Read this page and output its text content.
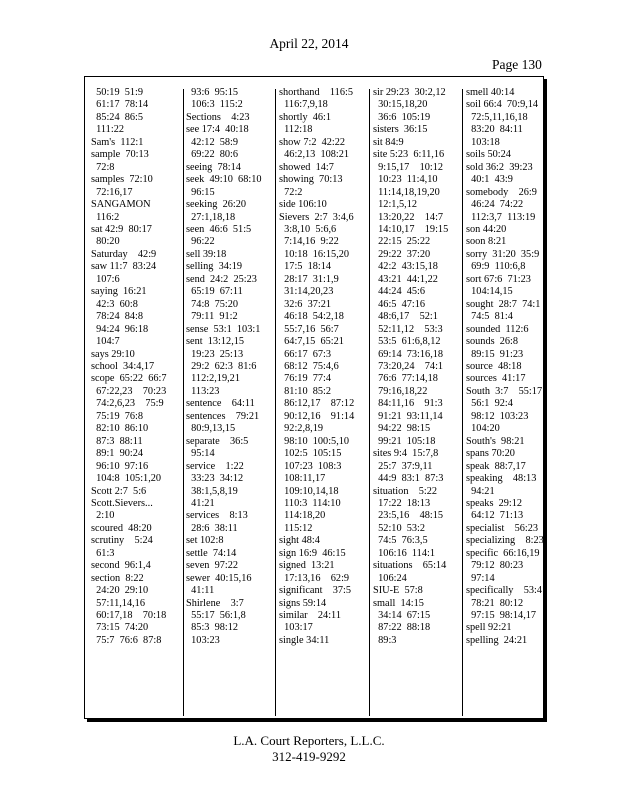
April 22, 2014
Page 130
50:19  51:9
61:17  78:14
85:24  86:5
111:22
Sam's  112:1
sample  70:13
72:8
samples  72:10
72:16,17
SANGAMON
116:2
sat 42:9  80:17
80:20
Saturday    42:9
saw 11:7  83:24
107:6
saying  16:21
42:3  60:8
78:24  84:8
94:24  96:18
104:7
says 29:10
school  34:4,17
scope  65:22  66:7
67:22,23    70:23
74:2,6,23    75:9
75:19  76:8
82:10  86:10
87:3  88:11
89:1  90:24
96:10  97:16
104:8  105:1,20
Scott 2:7  5:6
Scott.Sievers...
2:10
scoured  48:20
scrutiny    5:24
61:3
second  96:1,4
section  8:22
24:20  29:10
57:11,14,16
60:17,18    70:18
73:15  74:20
75:7  76:6  87:8
93:6  95:15
106:3  115:2
Sections    4:23
see 17:4  40:18
42:12  58:9
69:22  80:6
seeing  78:14
seek  49:10  68:10
96:15
seeking  26:20
27:1,18,18
seen  46:6  51:5
96:22
sell 39:18
selling  34:19
send  24:2  25:23
65:19  67:11
74:8  75:20
79:11  91:2
sense  53:1  103:1
sent  13:12,15
19:23  25:13
29:2  62:3  81:6
112:2,19,21
113:23
sentence    64:11
sentences    79:21
80:9,13,15
separate    36:5
95:14
service    1:22
33:23  34:12
38:1,5,8,19
41:21
services    8:13
28:6  38:11
set 102:8
settle  74:14
seven  97:22
sewer  40:15,16
41:11
Shirlene    3:7
55:17  56:1,8
85:3  98:12
103:23
shorthand    116:5
116:7,9,18
shortly  46:1
112:18
show 7:2  42:22
46:2,13  108:21
showed  14:7
showing  70:13
72:2
side 106:10
Sievers  2:7  3:4,6
3:8,10  5:6,6
7:14,16  9:22
10:18  16:15,20
17:5  18:14
28:17  31:1,9
31:14,20,23
32:6  37:21
46:18  54:2,18
55:7,16  56:7
64:7,15  65:21
66:17  67:3
68:12  75:4,6
76:19  77:4
81:10  85:2
86:12,17    87:12
90:12,16    91:14
92:2,8,19
98:10  100:5,10
102:5  105:15
107:23  108:3
108:11,17
109:10,14,18
110:3  114:10
114:18,20
115:12
sight 48:4
sign 16:9  46:15
signed  13:21
17:13,16    62:9
significant    37:5
signs 59:14
similar    24:11
103:17
single 34:11
sir 29:23  30:2,12
30:15,18,20
36:6  105:19
sisters  36:15
sit 84:9
site 5:23  6:11,16
9:15,17    10:12
10:23  11:4,10
11:14,18,19,20
12:1,5,12
13:20,22    14:7
14:10,17    19:15
22:15  25:22
29:22  37:20
42:2  43:15,18
43:21  44:1,22
44:24  45:6
46:5  47:16
48:6,17    52:1
52:11,12    53:3
53:5  61:6,8,12
69:14  73:16,18
73:20,24    74:1
76:6  77:14,18
79:16,18,22
84:11,16    91:3
91:21  93:11,14
94:22  98:15
99:21  105:18
sites 9:4  15:7,8
25:7  37:9,11
44:9  83:1  87:3
situation    5:22
17:22  18:13
23:5,16    48:15
52:10  53:2
74:5  76:3,5
106:16  114:1
situations    65:14
106:24
SIU-E  57:8
small  14:15
34:14  67:15
87:22  88:18
89:3
smell 40:14
soil 66:4  70:9,14
72:5,11,16,18
83:20  84:11
103:18
soils 50:24
sold 36:2  39:23
40:1  43:9
somebody    26:9
46:24  74:22
112:3,7  113:19
son 44:20
soon 8:21
sorry  31:20  35:9
69:9  110:6,8
sort 67:6  71:23
104:14,15
sought  28:7  74:1
74:5  81:4
sounded  112:6
sounds  26:8
89:15  91:23
source  48:18
sources  41:17
South  3:7    55:17
56:1  92:4
98:12  103:23
104:20
South's  98:21
spans 70:20
speak  88:7,17
speaking    48:13
94:21
speaks  29:12
64:12  71:13
specialist    56:23
specializing    8:23
specific  66:16,19
79:12  80:23
97:14
specifically    53:4
78:21  80:12
97:15  98:14,17
spell 92:21
spelling  24:21
L.A. Court Reporters, L.L.C.
312-419-9292
